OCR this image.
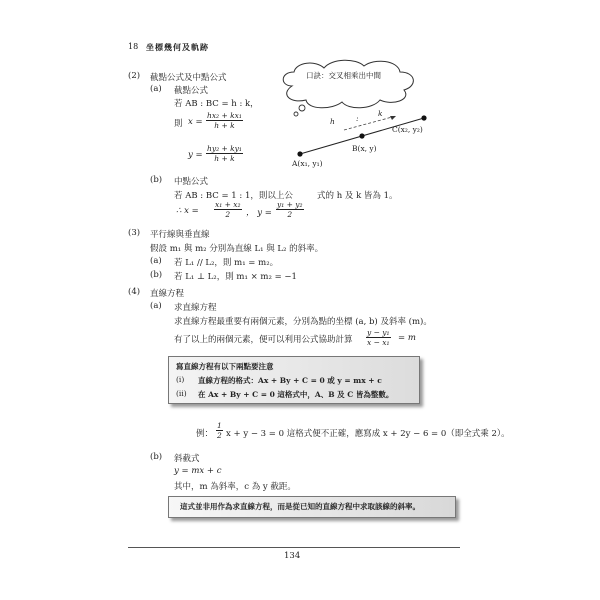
18 坐標幾何及軌跡
口訣：交叉相乘出中間
(2) 截點公式及中點公式
(a) 截點公式
若 AB : BC = h : k，
則 $x = \frac{\text{hx₂ + kx₁}}{h + k}$
$y = \frac{\text{hy₂ + ky₁}}{h + k}$
h	:
k
C(x₂, y₂)
B(x, y)
A(x₁, y₁)
(b) 中點公式
若 AB : BC = 1 : 1，則以上公	式的 h 及 k 皆為 1。
∴ $x = \frac{\text{x₁ + x₂}}{2}$ ， $y = \frac{\text{y₁ + y₂}}{2}$
(3) 平行線與垂直線
假設 m₁ 與 m₂ 分別為直線 L₁ 與 L₂ 的斜率。
(a) 若 L₁ // L₂，則 m₁ = m₂。
(b) 若 L₁ ⊥ L₂，則 m₁ × m₂ = −1
(4) 直線方程
(a) 求直線方程
求直線方程最重要有兩個元素，分別為點的坐標 (a, b) 及斜率 (m)。
有了以上的兩個元素，便可以利用公式協助計算 $\frac{\text{y − y₁}}{\text{x − x₁}} = m$
寫直線方程有以下兩點要注意
(i) 直線方程的格式：Ax + By + C = 0 或 y = mx + c
(ii) 在 Ax + By + C = 0 這格式中，A、B 及 C 皆為整數。
例： $\frac{1}{2}$ x + y − 3 = 0 這格式便不正確，應寫成 x + 2y − 6 = 0（即全式乘 2）。
(b) 斜截式
y = mx + c
其中，m 為斜率，c 為 y 截距。
這式並非用作為求直線方程，而是從已知的直線方程中求取該線的斜率。
134
